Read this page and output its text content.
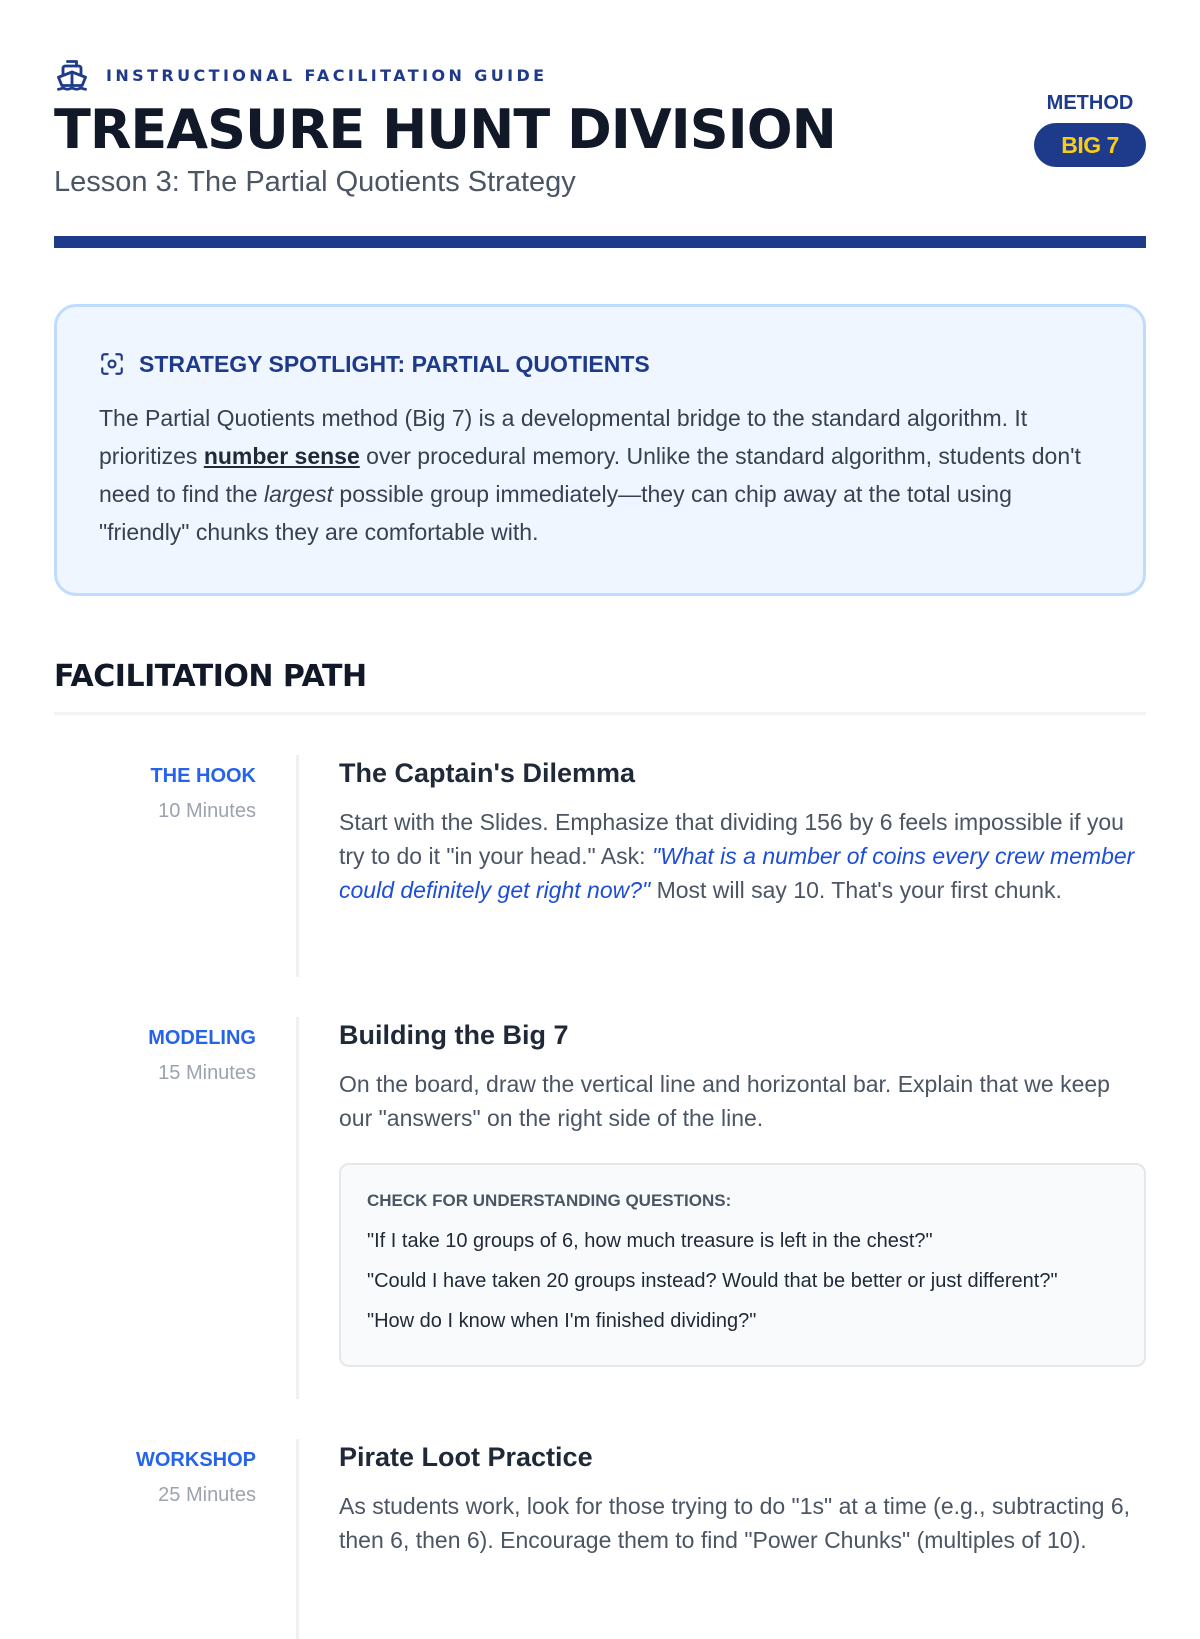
INSTRUCTIONAL FACILITATION GUIDE
TREASURE HUNT DIVISION
Lesson 3: The Partial Quotients Strategy
METHOD
BIG 7
STRATEGY SPOTLIGHT: PARTIAL QUOTIENTS
The Partial Quotients method (Big 7) is a developmental bridge to the standard algorithm. It prioritizes number sense over procedural memory. Unlike the standard algorithm, students don't need to find the largest possible group immediately—they can chip away at the total using "friendly" chunks they are comfortable with.
FACILITATION PATH
THE HOOK
10 Minutes
The Captain's Dilemma
Start with the Slides. Emphasize that dividing 156 by 6 feels impossible if you try to do it "in your head." Ask: "What is a number of coins every crew member could definitely get right now?" Most will say 10. That's your first chunk.
MODELING
15 Minutes
Building the Big 7
On the board, draw the vertical line and horizontal bar. Explain that we keep our "answers" on the right side of the line.
CHECK FOR UNDERSTANDING QUESTIONS:
"If I take 10 groups of 6, how much treasure is left in the chest?"
"Could I have taken 20 groups instead? Would that be better or just different?"
"How do I know when I'm finished dividing?"
WORKSHOP
25 Minutes
Pirate Loot Practice
As students work, look for those trying to do "1s" at a time (e.g., subtracting 6, then 6, then 6). Encourage them to find "Power Chunks" (multiples of 10).
